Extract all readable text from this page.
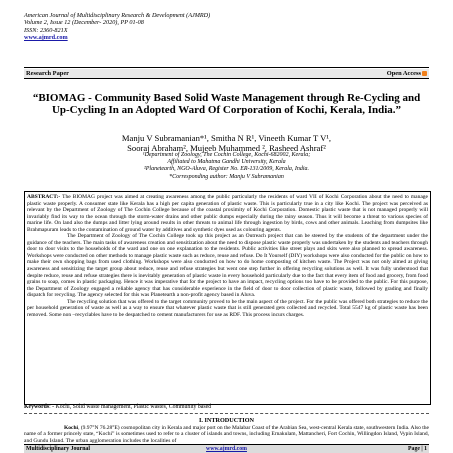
American Journal of Multidisciplinary Research & Development (AJMRD)
Volume 2, Issue 12 (December- 2020), PP 01-08
ISSN: 2360-821X
www.ajmrd.com
Research Paper	Open Access
“BIOMAG - Community Based Solid Waste Management through Re-Cycling and Up-Cycling In an Adopted Ward Of Corporation of Kochi, Kerala, India.”
Manju V Subramanian*¹, Smitha N R¹, Vineeth Kumar T V¹,
Sooraj Abraham², Mujeeb Muhammed ², Rasheed Ashraf²
¹Department of Zoology, The Cochin College, Kochi-682002, Kerala;
Affiliated to Mahatma Gandhi University, Kerala
²Planetearth, NGO-Aluva, Register No. ER-131/2009, Kerala, India.
*Corresponding author: Manju V Subramanian

ABSTRACT:- The BIOMAG project was aimed at creating awareness among the public particularly the residents of ward VII of Kochi Corporation about the need to manage plastic waste properly. A consumer state like Kerala has a high per capita generation of plastic waste. This is particularly true in a city like Kochi. The project was perceived as relevant by the Department of Zoology of The Cochin College because of the coastal proximity of Kochi Corporation. Domestic plastic waste that is not managed properly will invariably find its way to the ocean through the storm-water drains and other public dumps especially during the rainy season. Thus it will become a threat to various species of marine life. On land also the dumps and litter lying around results in other threats to animal life through ingestion by birds, cows and other animals. Leaching from dumpsites like Brahmapuram leads to the contamination of ground water by additives and synthetic dyes used as colouring agents.

The Department of Zoology of The Cochin College took up this project as an Outreach project that can be steered by the students of the department under the guidance of the teachers. The main tasks of awareness creation and sensitization about the need to dispose plastic waste properly was undertaken by the students and teachers through door to door visits to the households of the ward and one on one explanation to the residents. Public activities like street plays and skits were also planned to spread awareness. Workshops were conducted on other methods to manage plastic waste such as reduce, reuse and refuse. Do It Yourself (DIY) workshops were also conducted for the public on how to make their own shopping bags from used clothing. Workshops were also conducted on how to do home composting of kitchen waste. The Project was not only aimed at giving awareness and sensitizing the target group about reduce, reuse and refuse strategies but went one step further in offering recycling solutions as well. It was fully understood that despite reduce, reuse and refuse strategies there is inevitably generation of plastic waste in every household particularly due to the fact that every item of food and grocery, from food grains to soap, comes in plastic packaging. Hence it was imperative that for the project to have an impact, recycling options too have to be provided to the public. For this purpose, the Department of Zoology engaged a reliable agency that has considerable experience in the field of door to door collection of plastic waste, followed by grading and finally dispatch for recycling. The agency selected for this was Planetearth a non-profit agency based in Aluva.

The recycling solution that was offered to the target community proved to be the main aspect of the project. For the public was offered both strategies to reduce the per household generation of waste as well as a way to ensure that whatever plastic waste that is still generated gets collected and recycled. Total 5547 kg of plastic waste has been removed. Some non –recyclables have to be despatched to cement manufacturers for use as RDF. This process incurs charges.

Keywords: - Kochi, Solid waste management, Plastic wastes, Community based
I. INTRODUCTION

Kochi, (9.97°N 76.28°E) cosmopolitan city in Kerala and major port on the Malabar Coast of the Arabian Sea, west-central Kerala state, southwestern India. Also the name of a former princely state, “Kochi” is sometimes used to refer to a cluster of islands and towns, including Ernakulam, Mattancheri, Fort Cochin, Willingdon Island, Vypin Island, and Gundu Island. The urban agglomeration includes the localities of

www.ajmrd.com
Multidisciplinary Journal	Page | 1
